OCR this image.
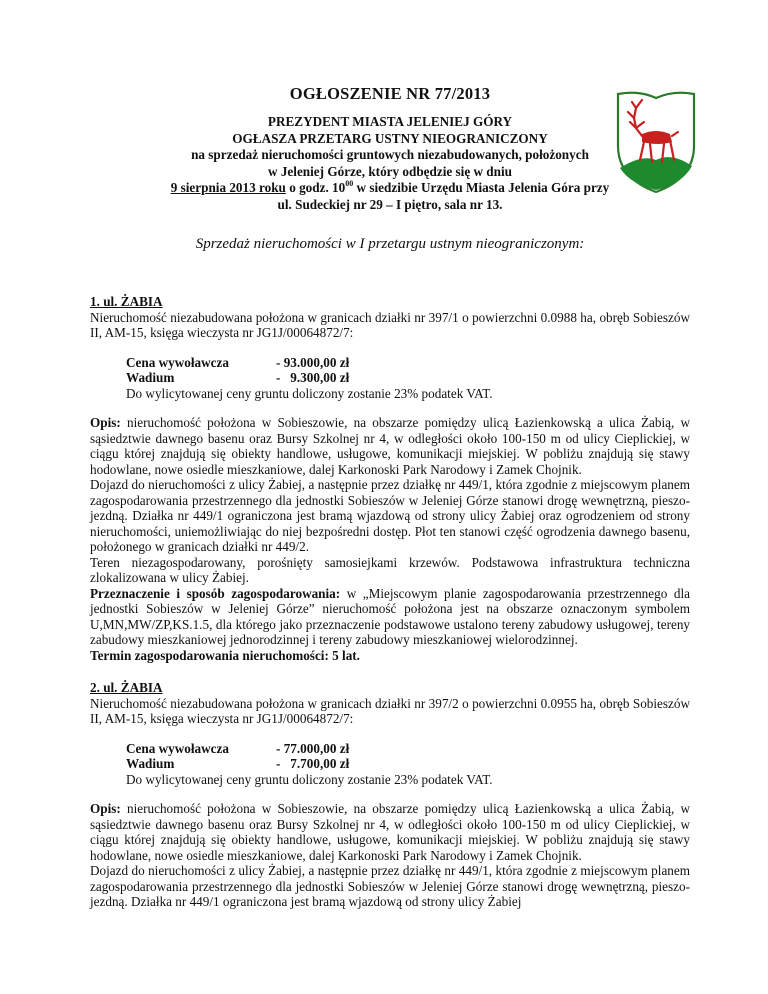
OGŁOSZENIE NR 77/2013
PREZYDENT MIASTA JELENIEJ GÓRY
OGŁASZA PRZETARG USTNY NIEOGRANICZONY
na sprzedaż nieruchomości gruntowych niezabudowanych, położonych
w Jeleniej Górze, który odbędzie się w dniu
9 sierpnia 2013 roku o godz. $10^{00}$ w siedzibie Urzędu Miasta Jelenia Góra przy
ul. Sudeckiej nr 29 – I piętro, sala nr 13.
Sprzedaż nieruchomości w I przetargu ustnym nieograniczonym:
1. ul. ŻABIA

Nieruchomość niezabudowana położona w granicach działki nr 397/1 o powierzchni 0.0988 ha, obręb Sobieszów II, AM-15, księga wieczysta nr JG1J/00064872/7:

Cena wywoławcza	- 93.000,00 zł
Wadium	-   9.300,00 zł
Do wylicytowanej ceny gruntu doliczony zostanie 23% podatek VAT.

Opis: nieruchomość położona w Sobieszowie, na obszarze pomiędzy ulicą Łazienkowską a ulica Żabią, w sąsiedztwie dawnego basenu oraz Bursy Szkolnej nr 4, w odległości około 100-150 m od ulicy Cieplickiej, w ciągu której znajdują się obiekty handlowe, usługowe, komunikacji miejskiej. W pobliżu znajdują się stawy hodowlane, nowe osiedle mieszkaniowe, dalej Karkonoski Park Narodowy i Zamek Chojnik.

Dojazd do nieruchomości z ulicy Żabiej, a następnie przez działkę nr 449/1, która zgodnie z miejscowym planem zagospodarowania przestrzennego dla jednostki Sobieszów w Jeleniej Górze stanowi drogę wewnętrzną, pieszo-jezdną. Działka nr 449/1 ograniczona jest bramą wjazdową od strony ulicy Żabiej oraz ogrodzeniem od strony nieruchomości, uniemożliwiając do niej bezpośredni dostęp. Płot ten stanowi część ogrodzenia dawnego basenu, położonego w granicach działki nr 449/2.

Teren niezagospodarowany, porośnięty samosiejkami krzewów. Podstawowa infrastruktura techniczna zlokalizowana w ulicy Żabiej.

Przeznaczenie i sposób zagospodarowania: w „Miejscowym planie zagospodarowania przestrzennego dla jednostki Sobieszów w Jeleniej Górze” nieruchomość położona jest na obszarze oznaczonym symbolem U,MN,MW/ZP,KS.1.5, dla którego jako przeznaczenie podstawowe ustalono tereny zabudowy usługowej, tereny zabudowy mieszkaniowej jednorodzinnej i tereny zabudowy mieszkaniowej wielorodzinnej.

Termin zagospodarowania nieruchomości: 5 lat.

2. ul. ŻABIA

Nieruchomość niezabudowana położona w granicach działki nr 397/2 o powierzchni 0.0955 ha, obręb Sobieszów II, AM-15, księga wieczysta nr JG1J/00064872/7:

Cena wywoławcza	- 77.000,00 zł
Wadium	-   7.700,00 zł
Do wylicytowanej ceny gruntu doliczony zostanie 23% podatek VAT.

Opis: nieruchomość położona w Sobieszowie, na obszarze pomiędzy ulicą Łazienkowską a ulica Żabią, w sąsiedztwie dawnego basenu oraz Bursy Szkolnej nr 4, w odległości około 100-150 m od ulicy Cieplickiej, w ciągu której znajdują się obiekty handlowe, usługowe, komunikacji miejskiej. W pobliżu znajdują się stawy hodowlane, nowe osiedle mieszkaniowe, dalej Karkonoski Park Narodowy i Zamek Chojnik.

Dojazd do nieruchomości z ulicy Żabiej, a następnie przez działkę nr 449/1, która zgodnie z miejscowym planem zagospodarowania przestrzennego dla jednostki Sobieszów w Jeleniej Górze stanowi drogę wewnętrzną, pieszo-jezdną. Działka nr 449/1 ograniczona jest bramą wjazdową od strony ulicy Żabiej
